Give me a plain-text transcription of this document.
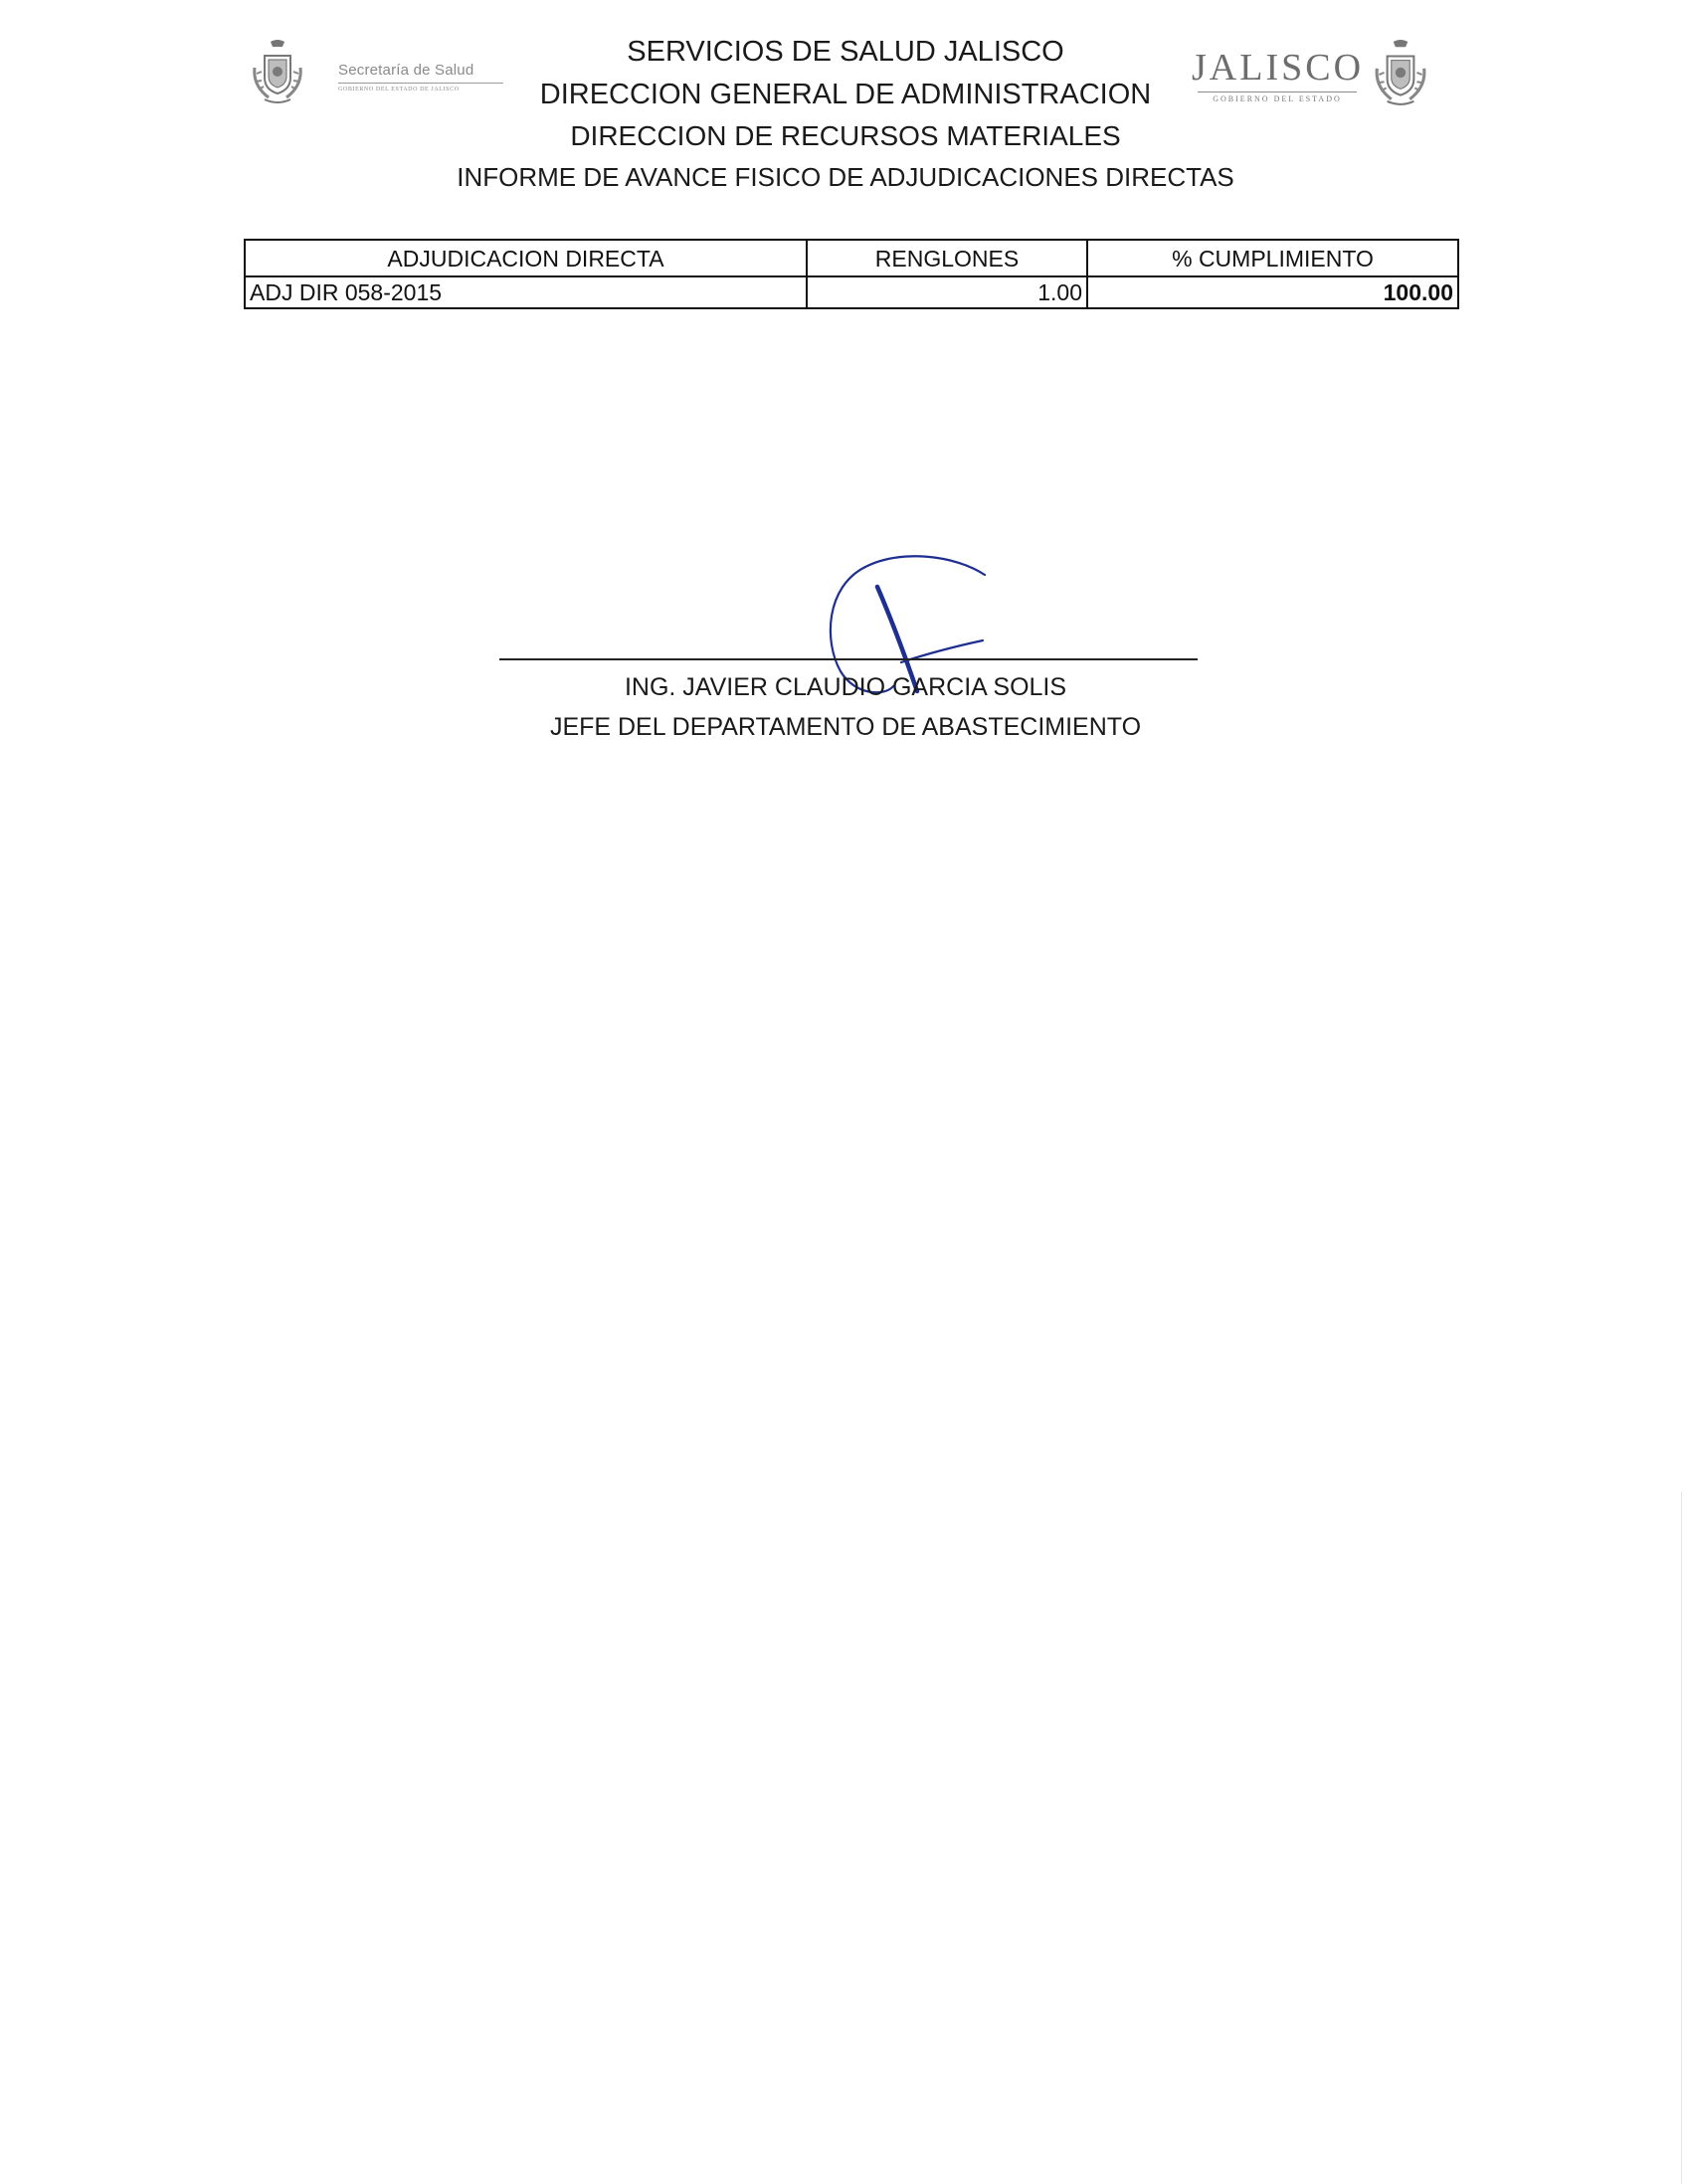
Secretaría de Salud
GOBIERNO DEL ESTADO DE JALISCO
SERVICIOS DE SALUD JALISCO
DIRECCION GENERAL DE ADMINISTRACION
DIRECCION DE RECURSOS MATERIALES
INFORME DE AVANCE FISICO DE ADJUDICACIONES DIRECTAS
JALISCO
GOBIERNO DEL ESTADO
ADJUDICACION DIRECTA	RENGLONES	% CUMPLIMIENTO
ADJ DIR 058-2015	1.00	100.00
ING. JAVIER CLAUDIO GARCIA SOLIS
JEFE DEL DEPARTAMENTO DE ABASTECIMIENTO
